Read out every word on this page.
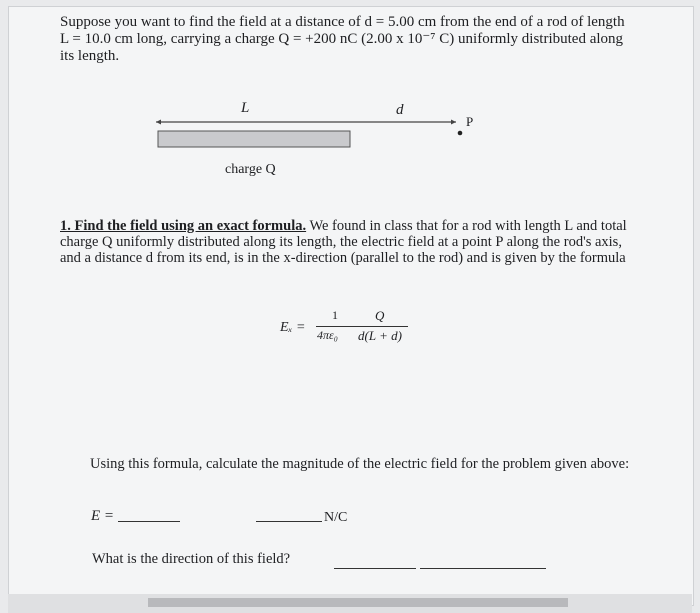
Suppose you want to find the field at a distance of d = 5.00 cm from the end of a rod of length L = 10.0 cm long, carrying a charge Q = +200 nC (2.00 x 10⁻⁷ C) uniformly distributed along its length.

L	d
P
charge Q

1. Find the field using an exact formula. We found in class that for a rod with length L and total charge Q uniformly distributed along its length, the electric field at a point P along the rod's axis, and a distance d from its end, is in the x-direction (parallel to the rod) and is given by the formula

Eₓ =
1
4πε₀
Q
d(L + d)

Using this formula, calculate the magnitude of the electric field for the problem given above:

E =	N/C
What is the direction of this field?
